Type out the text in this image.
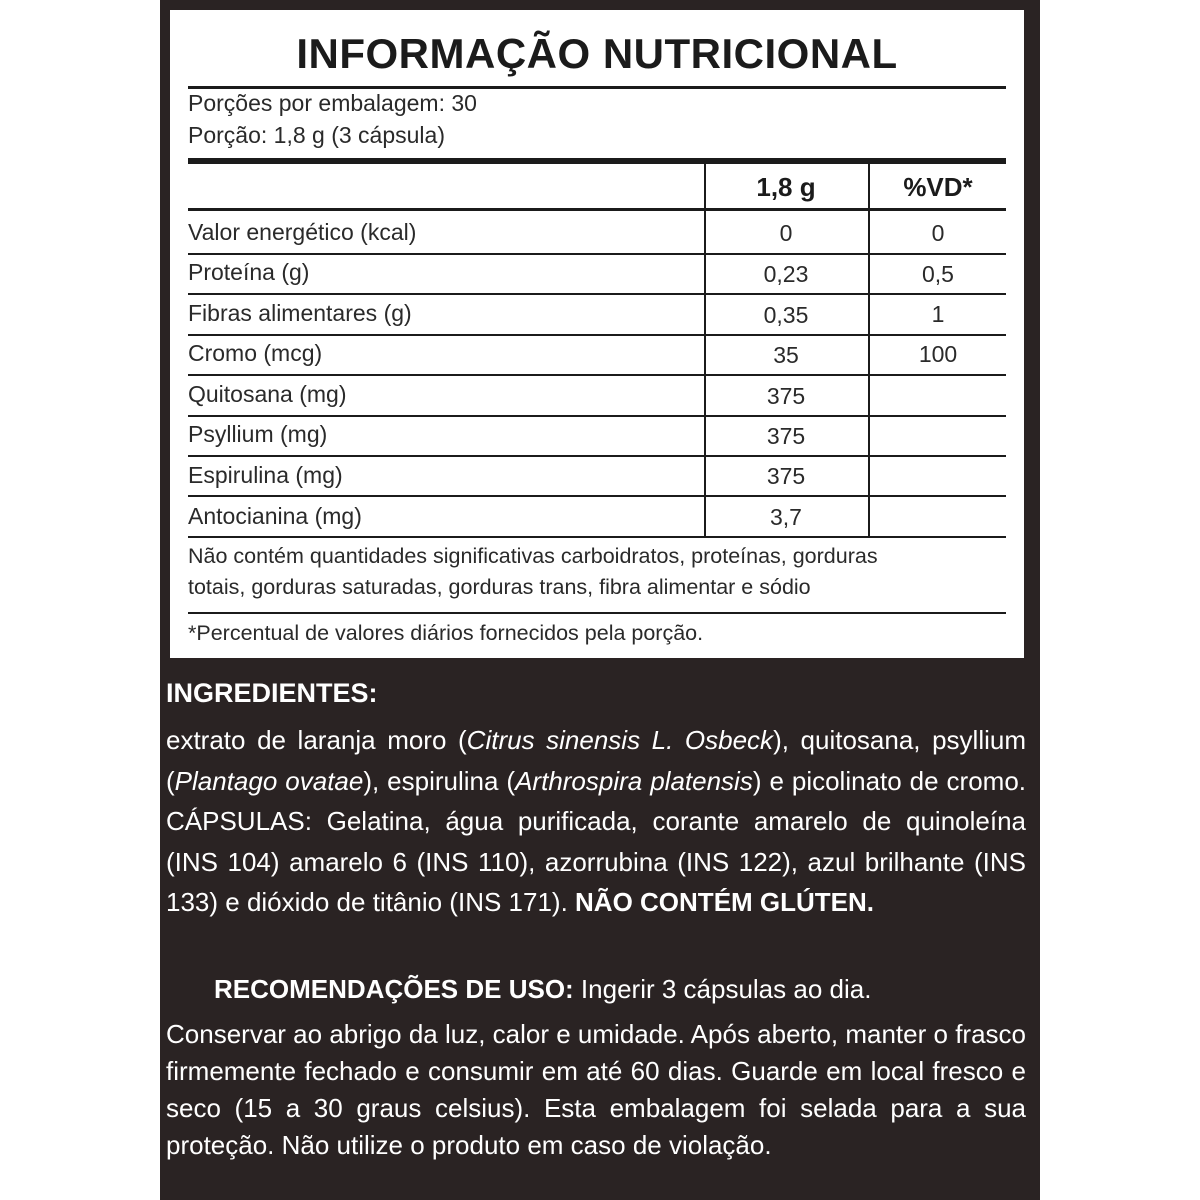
INFORMAÇÃO NUTRICIONAL
Porções por embalagem: 30
Porção: 1,8 g (3 cápsula)
1,8 g	%VD*
Valor energético (kcal)	0	0
Proteína (g)	0,23	0,5
Fibras alimentares (g)	0,35	1
Cromo (mcg)	35	100
Quitosana (mg)	375
Psyllium (mg)	375
Espirulina (mg)	375
Antocianina (mg)	3,7
Não contém quantidades significativas carboidratos, proteínas, gorduras
totais, gorduras saturadas, gorduras trans, fibra alimentar e sódio
*Percentual de valores diários fornecidos pela porção.
INGREDIENTES:
extrato de laranja moro (Citrus sinensis L. Osbeck), quitosana, psyllium (Plantago ovatae), espirulina (Arthrospira platensis) e picolinato de cromo. CÁPSULAS: Gelatina, água purificada, corante amarelo de quinoleína (INS 104) amarelo 6 (INS 110), azorrubina (INS 122), azul brilhante (INS 133) e dióxido de titânio (INS 171). NÃO CONTÉM GLÚTEN.
RECOMENDAÇÕES DE USO: Ingerir 3 cápsulas ao dia.
Conservar ao abrigo da luz, calor e umidade. Após aberto, manter o frasco firmemente fechado e consumir em até 60 dias. Guarde em local fresco e seco (15 a 30 graus celsius). Esta embalagem foi selada para a sua proteção. Não utilize o produto em caso de violação.
